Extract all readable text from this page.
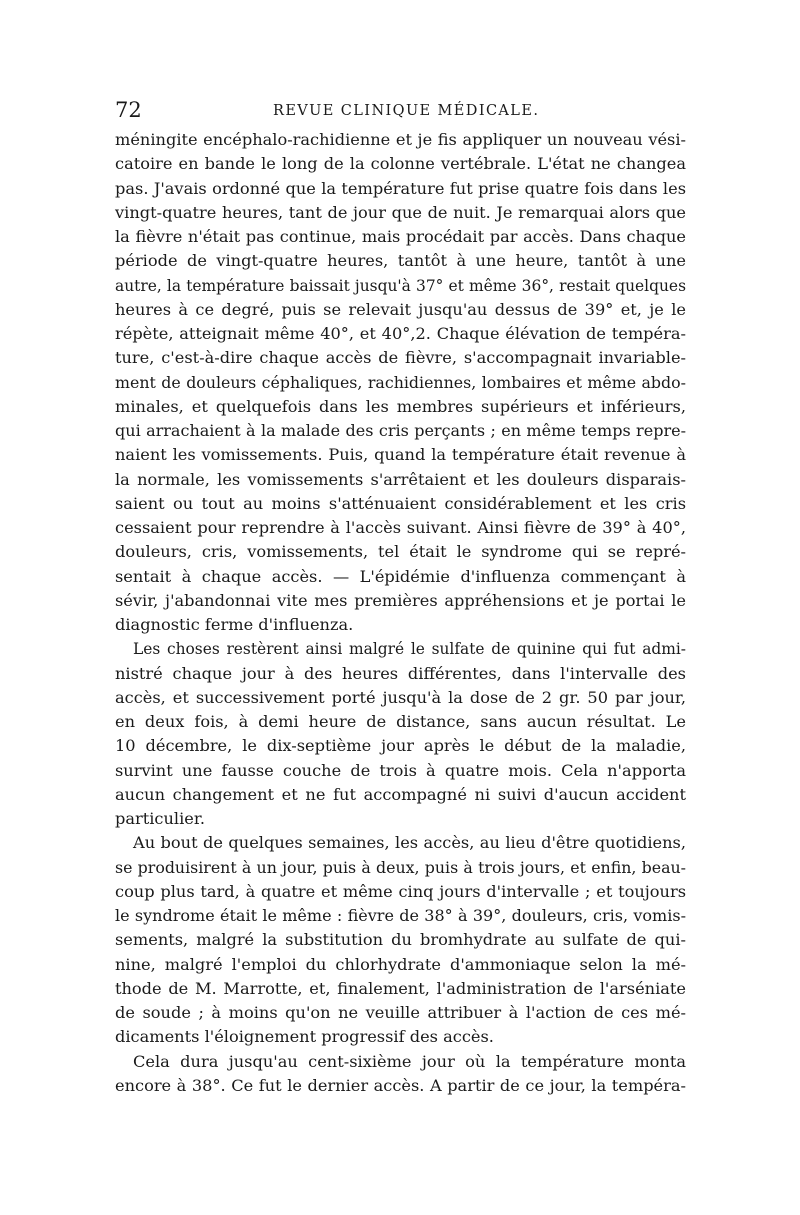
72	REVUE CLINIQUE MÉDICALE.
méningite encéphalo-rachidienne et je fis appliquer un nouveau vési-
catoire en bande le long de la colonne vertébrale. L'état ne changea
pas. J'avais ordonné que la température fut prise quatre fois dans les
vingt-quatre heures, tant de jour que de nuit. Je remarquai alors que
la fièvre n'était pas continue, mais procédait par accès. Dans chaque
période de vingt-quatre heures, tantôt à une heure, tantôt à une
autre, la température baissait jusqu'à 37° et même 36°, restait quelques
heures à ce degré, puis se relevait jusqu'au dessus de 39° et, je le
répète, atteignait même 40°, et 40°,2. Chaque élévation de tempéra-
ture, c'est-à-dire chaque accès de fièvre, s'accompagnait invariable-
ment de douleurs céphaliques, rachidiennes, lombaires et même abdo-
minales, et quelquefois dans les membres supérieurs et inférieurs,
qui arrachaient à la malade des cris perçants ; en même temps repre-
naient les vomissements. Puis, quand la température était revenue à
la normale, les vomissements s'arrêtaient et les douleurs disparais-
saient ou tout au moins s'atténuaient considérablement et les cris
cessaient pour reprendre à l'accès suivant. Ainsi fièvre de 39° à 40°,
douleurs, cris, vomissements, tel était le syndrome qui se repré-
sentait à chaque accès. — L'épidémie d'influenza commençant à
sévir, j'abandonnai vite mes premières appréhensions et je portai le
diagnostic ferme d'influenza.
Les choses restèrent ainsi malgré le sulfate de quinine qui fut admi-
nistré chaque jour à des heures différentes, dans l'intervalle des
accès, et successivement porté jusqu'à la dose de 2 gr. 50 par jour,
en deux fois, à demi heure de distance, sans aucun résultat. Le
10 décembre, le dix-septième jour après le début de la maladie,
survint une fausse couche de trois à quatre mois. Cela n'apporta
aucun changement et ne fut accompagné ni suivi d'aucun accident
particulier.
Au bout de quelques semaines, les accès, au lieu d'être quotidiens,
se produisirent à un jour, puis à deux, puis à trois jours, et enfin, beau-
coup plus tard, à quatre et même cinq jours d'intervalle ; et toujours
le syndrome était le même : fièvre de 38° à 39°, douleurs, cris, vomis-
sements, malgré la substitution du bromhydrate au sulfate de qui-
nine, malgré l'emploi du chlorhydrate d'ammoniaque selon la mé-
thode de M. Marrotte, et, finalement, l'administration de l'arséniate
de soude ; à moins qu'on ne veuille attribuer à l'action de ces mé-
dicaments l'éloignement progressif des accès.
Cela dura jusqu'au cent-sixième jour où la température monta
encore à 38°. Ce fut le dernier accès. A partir de ce jour, la tempéra-
